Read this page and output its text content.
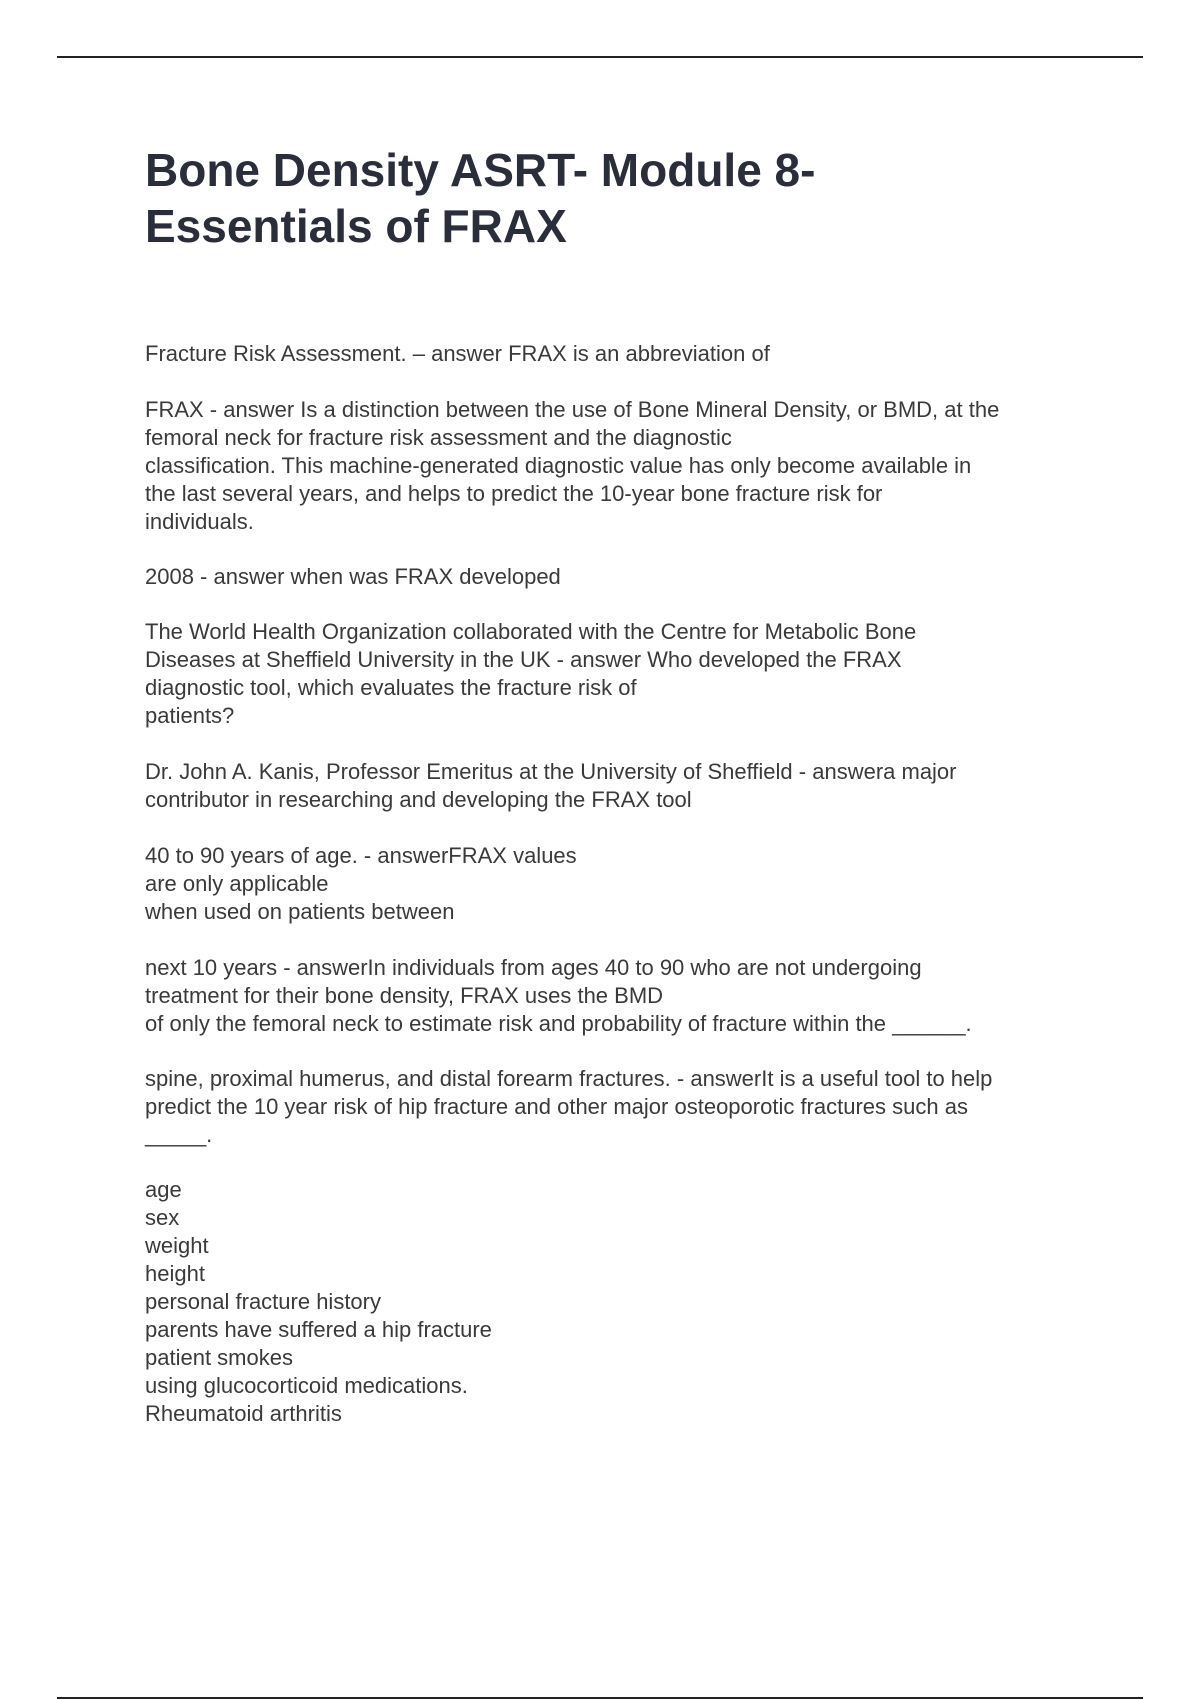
Bone Density ASRT- Module 8- Essentials of FRAX

Fracture Risk Assessment. – answer FRAX is an abbreviation of

FRAX - answer Is a distinction between the use of Bone Mineral Density, or BMD, at the
femoral neck for fracture risk assessment and the diagnostic
classification. This machine-generated diagnostic value has only become available in
the last several years, and helps to predict the 10-year bone fracture risk for
individuals.

2008 - answer when was FRAX developed

The World Health Organization collaborated with the Centre for Metabolic Bone
Diseases at Sheffield University in the UK - answer Who developed the FRAX
diagnostic tool, which evaluates the fracture risk of
patients?

Dr. John A. Kanis, Professor Emeritus at the University of Sheffield - answera major
contributor in researching and developing the FRAX tool

40 to 90 years of age. - answerFRAX values
are only applicable
when used on patients between

next 10 years - answerIn individuals from ages 40 to 90 who are not undergoing
treatment for their bone density, FRAX uses the BMD
of only the femoral neck to estimate risk and probability of fracture within the ______.

spine, proximal humerus, and distal forearm fractures. - answerIt is a useful tool to help
predict the 10 year risk of hip fracture and other major osteoporotic fractures such as
_____.

age
sex
weight
height
personal fracture history
parents have suffered a hip fracture
patient smokes
using glucocorticoid medications.
Rheumatoid arthritis
